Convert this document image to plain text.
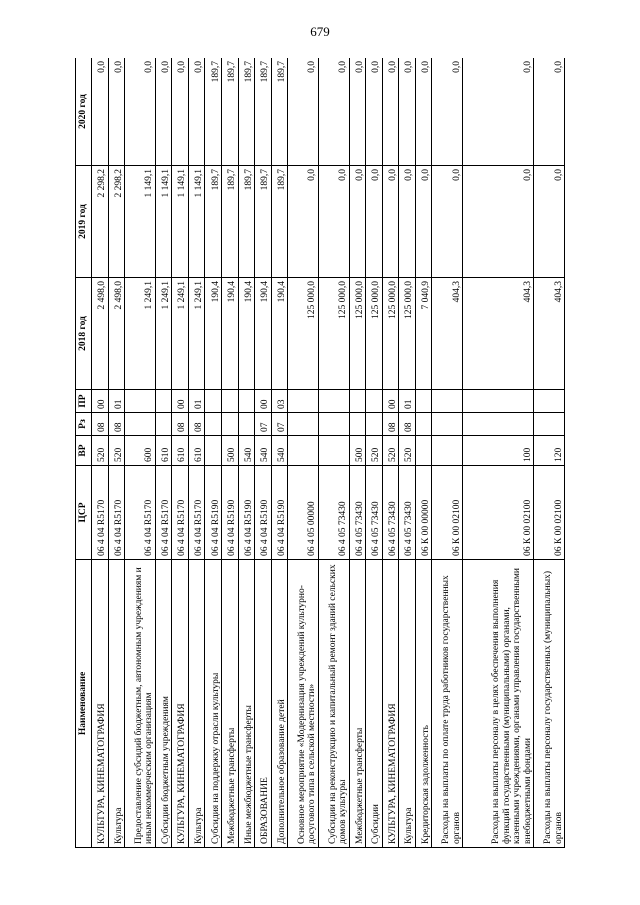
679
Наименование	ЦСР	ВР	Рз	ПР	2018 год	2019 год	2020 год
КУЛЬТУРА, КИНЕМАТОГРАФИЯ	06 4 04 R5170	520	08	00	2 498,0	2 298,2	0,0
Культура	06 4 04 R5170	520	08	01	2 498,0	2 298,2	0,0
Предоставление субсидий бюджетным, автономным учреждениям и иным некоммерческим организациям	06 4 04 R5170	600			1 249,1	1 149,1	0,0
Субсидии бюджетным учреждениям	06 4 04 R5170	610			1 249,1	1 149,1	0,0
КУЛЬТУРА, КИНЕМАТОГРАФИЯ	06 4 04 R5170	610	08	00	1 249,1	1 149,1	0,0
Культура	06 4 04 R5170	610	08	01	1 249,1	1 149,1	0,0
Субсидия на поддержку отрасли культуры	06 4 04 R5190				190,4	189,7	189,7
Межбюджетные трансферты	06 4 04 R5190	500			190,4	189,7	189,7
Иные межбюджетные трансферты	06 4 04 R5190	540			190,4	189,7	189,7
ОБРАЗОВАНИЕ	06 4 04 R5190	540	07	00	190,4	189,7	189,7
Дополнительное образование детей	06 4 04 R5190	540	07	03	190,4	189,7	189,7
Основное мероприятие «Модернизация учреждений культурно-досугового типа в сельской местности»	06 4 05 00000				125 000,0	0,0	0,0
Субсидии на реконструкцию и капитальный ремонт зданий сельских домов культуры	06 4 05 73430				125 000,0	0,0	0,0
Межбюджетные трансферты	06 4 05 73430	500			125 000,0	0,0	0,0
Субсидии	06 4 05 73430	520			125 000,0	0,0	0,0
КУЛЬТУРА, КИНЕМАТОГРАФИЯ	06 4 05 73430	520	08	00	125 000,0	0,0	0,0
Культура	06 4 05 73430	520	08	01	125 000,0	0,0	0,0
Кредиторская задолженность	06 К 00 00000				7 040,9	0,0	0,0
Расходы на выплаты по оплате труда работников государственных органов	06 К 00 02100				404,3	0,0	0,0
Расходы на выплаты персоналу в целях обеспечения выполнения функций государственными (муниципальными) органами, казенными учреждениями, органами управления государственными внебюджетными фондами	06 К 00 02100	100			404,3	0,0	0,0
Расходы на выплаты персоналу государственных (муниципальных) органов	06 К 00 02100	120			404,3	0,0	0,0
